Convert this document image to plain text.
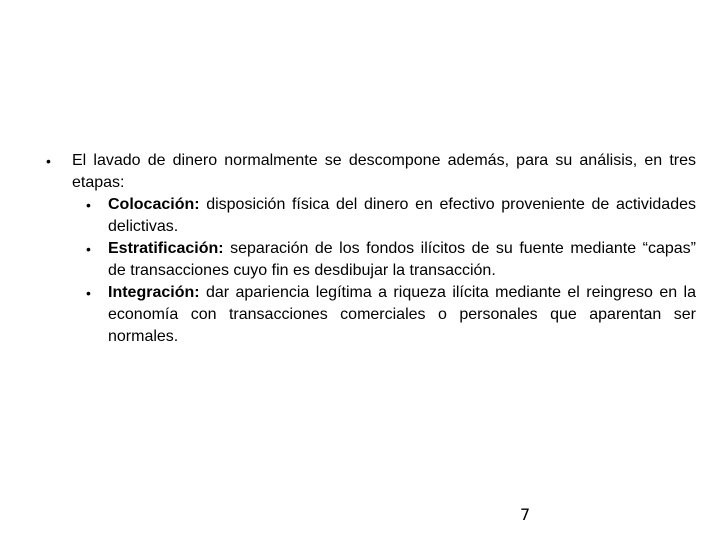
• El lavado de dinero normalmente se descompone además, para su análisis, en tres etapas:
• Colocación: disposición física del dinero en efectivo proveniente de actividades delictivas.
• Estratificación: separación de los fondos ilícitos de su fuente mediante “capas” de transacciones cuyo fin es desdibujar la transacción.
• Integración: dar apariencia legítima a riqueza ilícita mediante el reingreso en la economía con transacciones comerciales o personales que aparentan ser normales.
7
